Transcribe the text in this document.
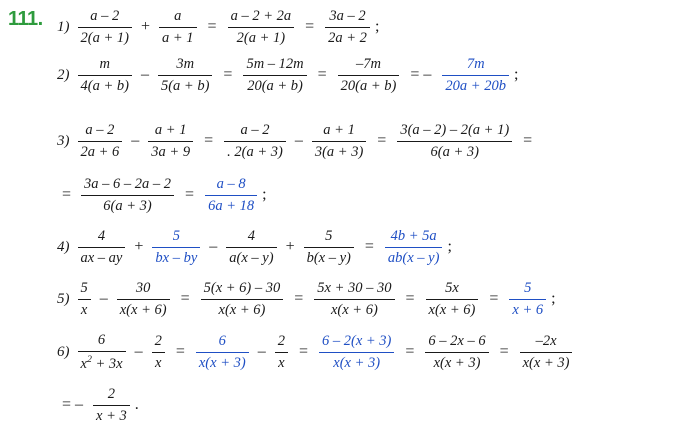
111. $1) \frac{a - 2}{2(a + 1)} + \frac{a}{a + 1} = \frac{a - 2 + 2a}{2(a + 1)} = \frac{3a - 2}{2a + 2}$ ;
$2) \frac{m}{4(a + b)} - \frac{3m}{5(a + b)} = \frac{5m - 12m}{20(a + b)} = \frac{-7m}{20(a + b)}$ = – $\frac{7m}{20a + 20b}$ ;
$3) \frac{a - 2}{2a + 6} - \frac{a + 1}{3a + 9} = \frac{a - 2}{. 2(a + 3)} - \frac{a + 1}{3(a + 3)} = \frac{3(a - 2) - 2(a + 1)}{6(a + 3)}$ =
= $\frac{3a - 6 - 2a - 2}{6(a + 3)} = \frac{a - 8}{6a + 18}$ ;
$4) \frac{4}{ax - ay} + \frac{5}{bx - by} - \frac{4}{a(x - y)} + \frac{5}{b(x - y)} = \frac{4b + 5a}{ab(x - y)}$ ;
$5) \frac{5}{x} - \frac{30}{x(x + 6)} = \frac{5(x + 6) - 30}{x(x + 6)} = \frac{5x + 30 - 30}{x(x + 6)} = \frac{5x}{x(x + 6)} = \frac{5}{x + 6}$ ;
$6) \frac{6}{x^2 + 3x} - \frac{2}{x} = \frac{6}{x(x + 3)} - \frac{2}{x} = \frac{6 - 2(x + 3)}{x(x + 3)} = \frac{6 - 2x - 6}{x(x + 3)} = \frac{-2x}{x(x + 3)}$
= – $\frac{2}{x + 3}$ .
